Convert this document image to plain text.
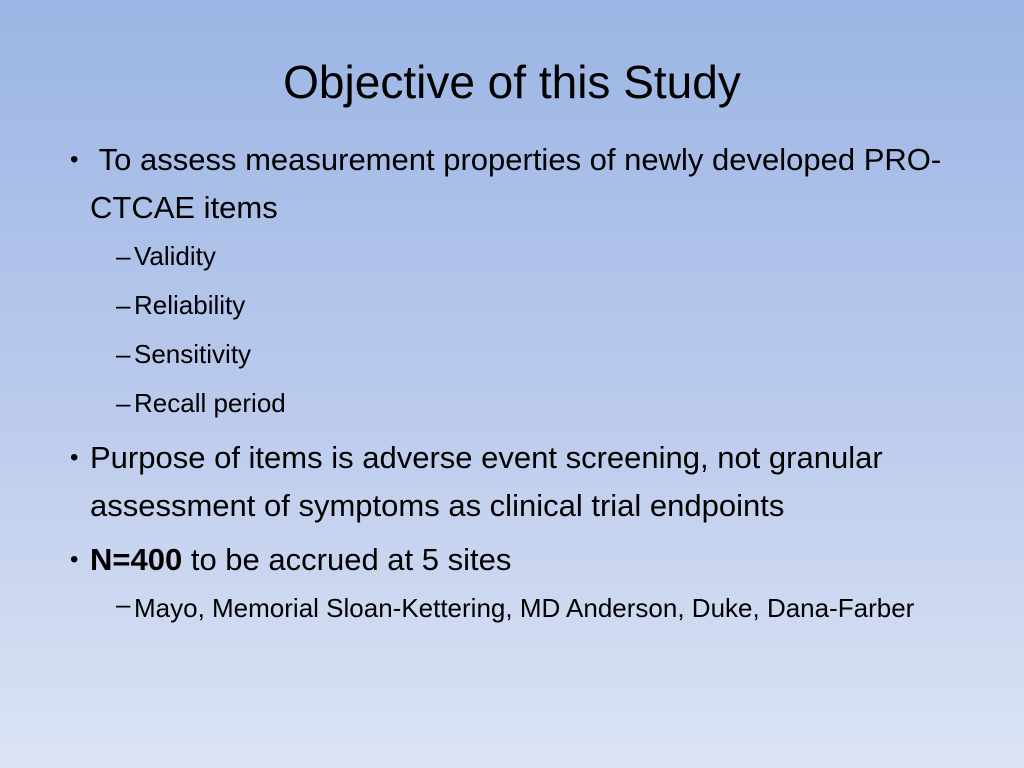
Objective of this Study
• To assess measurement properties of newly developed PRO-CTCAE items
– Validity
– Reliability
– Sensitivity
– Recall period
• Purpose of items is adverse event screening, not granular assessment of symptoms as clinical trial endpoints
• N=400 to be accrued at 5 sites
– Mayo, Memorial Sloan-Kettering, MD Anderson, Duke, Dana-Farber
